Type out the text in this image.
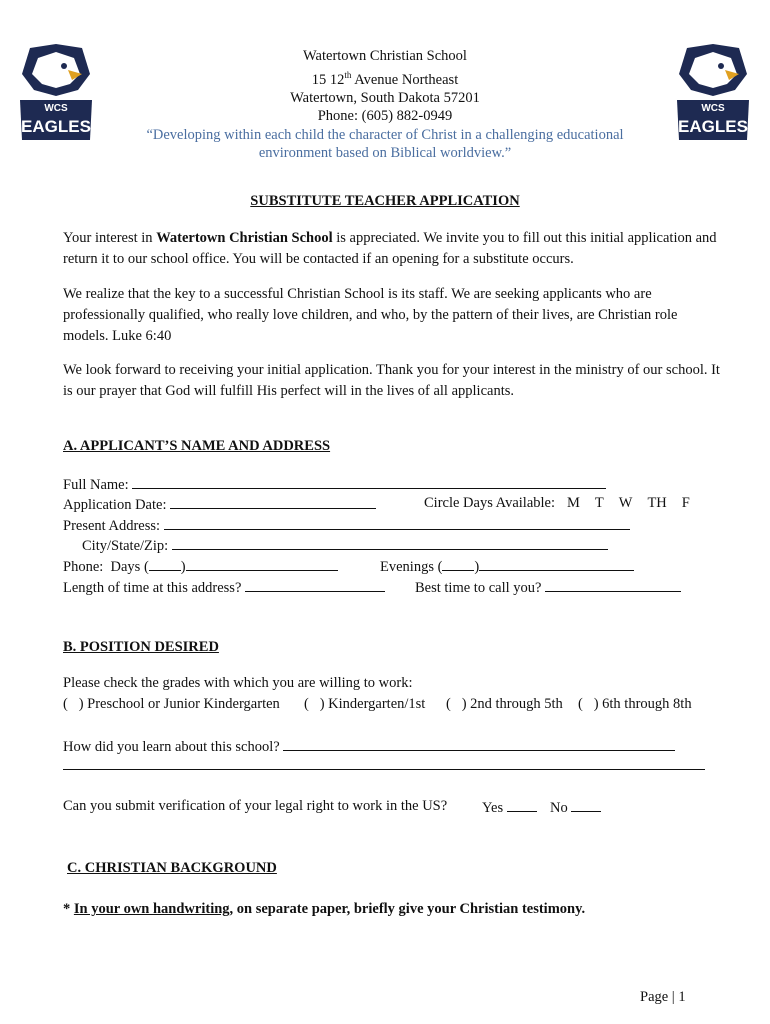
WCS
EAGLES
WCS
EAGLES
Watertown Christian School
15 12th Avenue Northeast
Watertown, South Dakota 57201
Phone: (605) 882-0949
“Developing within each child the character of Christ in a challenging educational environment based on Biblical worldview.”
SUBSTITUTE TEACHER APPLICATION
Your interest in Watertown Christian School is appreciated. We invite you to fill out this initial application and return it to our school office. You will be contacted if an opening for a substitute occurs.
We realize that the key to a successful Christian School is its staff. We are seeking applicants who are professionally qualified, who really love children, and who, by the pattern of their lives, are Christian role models. Luke 6:40
We look forward to receiving your initial application. Thank you for your interest in the ministry of our school. It is our prayer that God will fulfill His perfect will in the lives of all applicants.
A. APPLICANT’S NAME AND ADDRESS
Full Name:
Application Date:	Circle Days Available: M T W TH F
Present Address:
City/State/Zip:
Phone:  Days ( )	Evenings ( )
Length of time at this address?	Best time to call you?
B. POSITION DESIRED
Please check the grades with which you are willing to work:
(   ) Preschool or Junior Kindergarten (   ) Kindergarten/1st (   ) 2nd through 5th (   ) 6th through 8th
How did you learn about this school?
Can you submit verification of your legal right to work in the US? Yes	No
C. CHRISTIAN BACKGROUND
* In your own handwriting, on separate paper, briefly give your Christian testimony.
Page | 1
